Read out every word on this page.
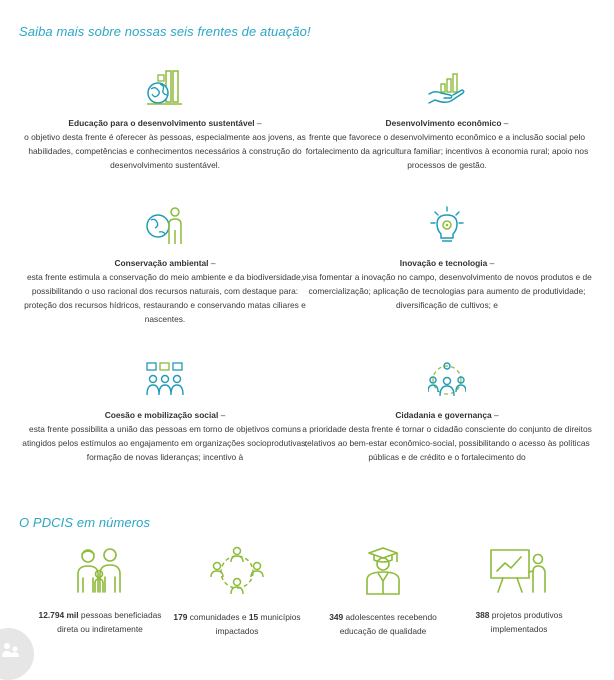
Saiba mais sobre nossas seis frentes de atuação!

Educação para o desenvolvimento sustentável –
o objetivo desta frente é oferecer às pessoas, especialmente aos jovens, as habilidades, competências e conhecimentos necessários à construção do desenvolvimento sustentável.
Desenvolvimento econômico –
frente que favorece o desenvolvimento econômico e a inclusão social pelo fortalecimento da agricultura familiar; incentivos à economia rural; apoio nos processos de gestão.
Conservação ambiental –
esta frente estimula a conservação do meio ambiente e da biodiversidade, possibilitando o uso racional dos recursos naturais, com destaque para: proteção dos recursos hídricos, restaurando e conservando matas ciliares e nascentes.
Inovação e tecnologia –
visa fomentar a inovação no campo, desenvolvimento de novos produtos e de comercialização; aplicação de tecnologias para aumento de produtividade; diversificação de cultivos; e
Coesão e mobilização social –
esta frente possibilita a união das pessoas em torno de objetivos comuns atingidos pelos estímulos ao engajamento em organizações socioprodutivas; formação de novas lideranças; incentivo à
Cidadania e governança –
a prioridade desta frente é tornar o cidadão consciente do conjunto de direitos relativos ao bem-estar econômico-social, possibilitando o acesso às políticas públicas e de crédito e o fortalecimento do

O PDCIS em números

12.794 mil pessoas beneficiadas direta ou indiretamente
179 comunidades e 15 municípios impactados
349 adolescentes recebendo educação de qualidade
388 projetos produtivos implementados
